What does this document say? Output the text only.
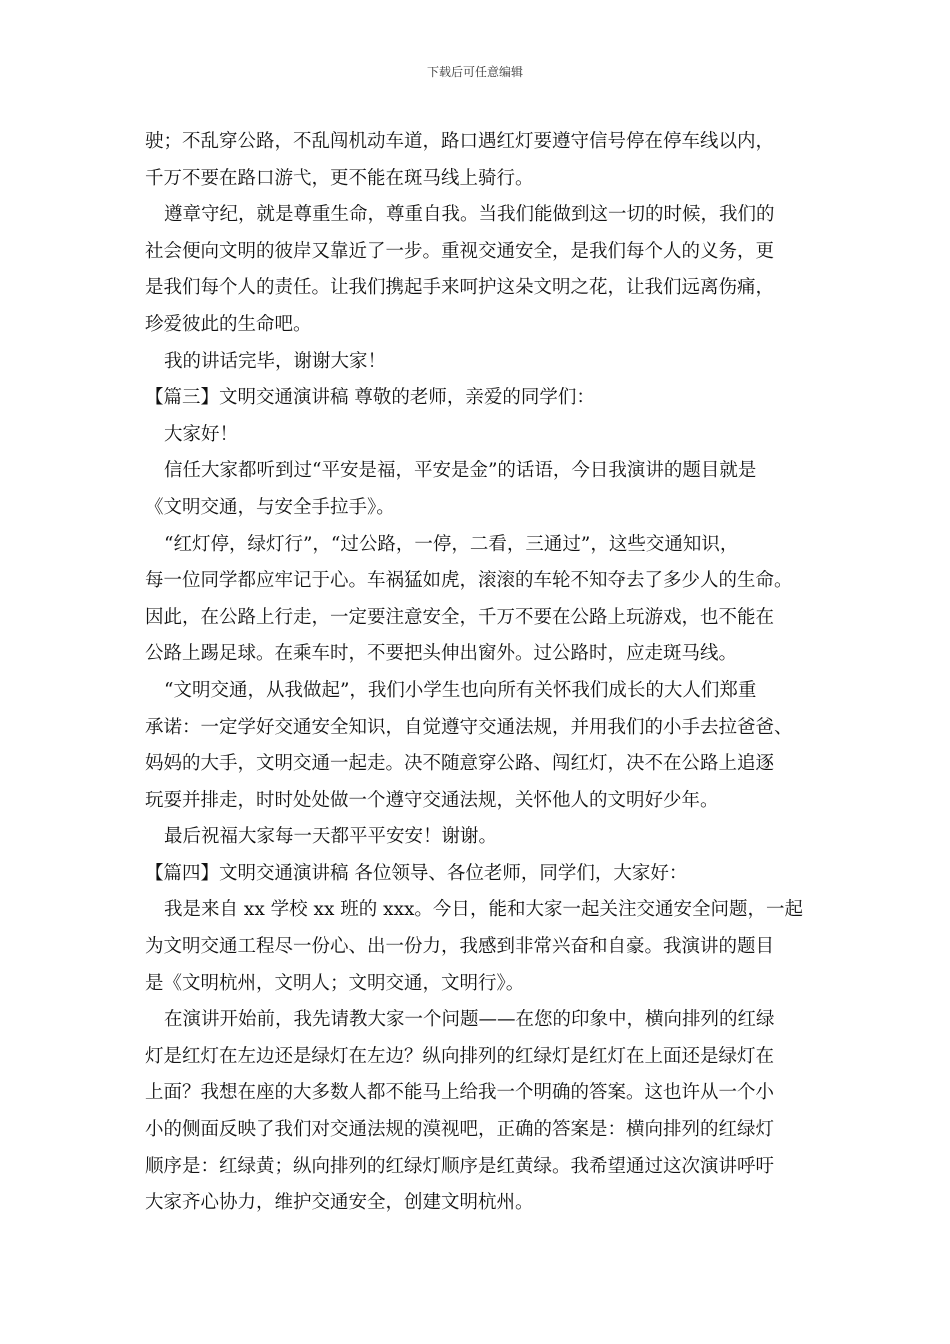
下载后可任意编辑
驶；不乱穿公路，不乱闯机动车道，路口遇红灯要遵守信号停在停车线以内，
千万不要在路口游弋，更不能在斑马线上骑行。
遵章守纪，就是尊重生命，尊重自我。当我们能做到这一切的时候，我们的
社会便向文明的彼岸又靠近了一步。重视交通安全，是我们每个人的义务，更
是我们每个人的责任。让我们携起手来呵护这朵文明之花，让我们远离伤痛，
珍爱彼此的生命吧。
我的讲话完毕，谢谢大家！
【篇三】文明交通演讲稿 尊敬的老师，亲爱的同学们：
大家好！
信任大家都听到过“平安是福，平安是金”的话语，今日我演讲的题目就是
《文明交通，与安全手拉手》。
“红灯停，绿灯行”，“过公路，一停，二看，三通过”，这些交通知识，
每一位同学都应牢记于心。车祸猛如虎，滚滚的车轮不知夺去了多少人的生命。
因此，在公路上行走，一定要注意安全，千万不要在公路上玩游戏，也不能在
公路上踢足球。在乘车时，不要把头伸出窗外。过公路时，应走斑马线。
“文明交通，从我做起”，我们小学生也向所有关怀我们成长的大人们郑重
承诺：一定学好交通安全知识，自觉遵守交通法规，并用我们的小手去拉爸爸、
妈妈的大手，文明交通一起走。决不随意穿公路、闯红灯，决不在公路上追逐
玩耍并排走，时时处处做一个遵守交通法规，关怀他人的文明好少年。
最后祝福大家每一天都平平安安！谢谢。
【篇四】文明交通演讲稿 各位领导、各位老师，同学们，大家好：
我是来自 xx 学校 xx 班的 xxx。今日，能和大家一起关注交通安全问题，一起
为文明交通工程尽一份心、出一份力，我感到非常兴奋和自豪。我演讲的题目
是《文明杭州，文明人；文明交通，文明行》。
在演讲开始前，我先请教大家一个问题——在您的印象中，横向排列的红绿
灯是红灯在左边还是绿灯在左边？纵向排列的红绿灯是红灯在上面还是绿灯在
上面？我想在座的大多数人都不能马上给我一个明确的答案。这也许从一个小
小的侧面反映了我们对交通法规的漠视吧，正确的答案是：横向排列的红绿灯
顺序是：红绿黄；纵向排列的红绿灯顺序是红黄绿。我希望通过这次演讲呼吁
大家齐心协力，维护交通安全，创建文明杭州。
